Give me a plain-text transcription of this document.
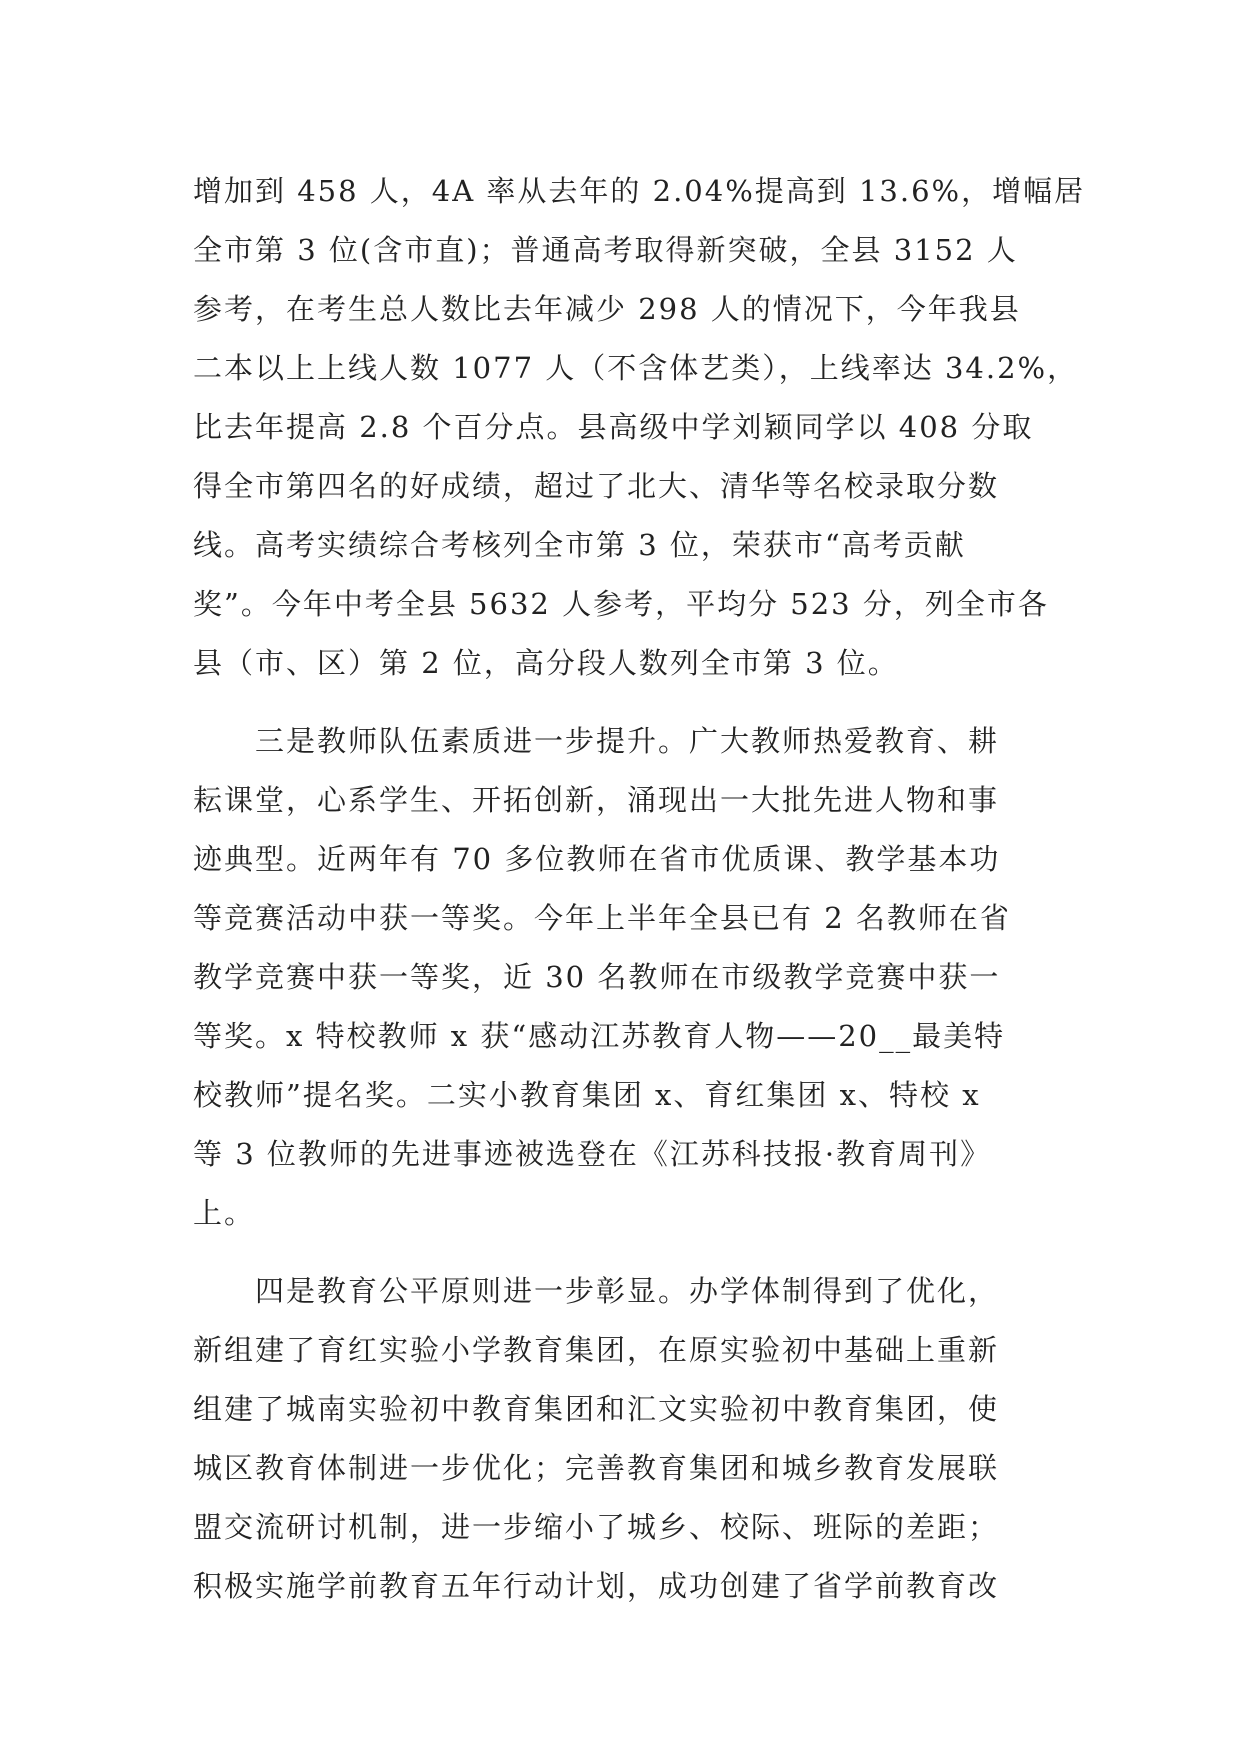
增加到 458 人，4A 率从去年的 2.04%提高到 13.6%，增幅居
全市第 3 位(含市直)；普通高考取得新突破，全县 3152 人
参考，在考生总人数比去年减少 298 人的情况下，今年我县
二本以上上线人数 1077 人（不含体艺类），上线率达 34.2%，
比去年提高 2.8 个百分点。县高级中学刘颖同学以 408 分取
得全市第四名的好成绩，超过了北大、清华等名校录取分数
线。高考实绩综合考核列全市第 3 位，荣获市“高考贡献
奖”。今年中考全县 5632 人参考，平均分 523 分，列全市各
县（市、区）第 2 位，高分段人数列全市第 3 位。
　　三是教师队伍素质进一步提升。广大教师热爱教育、耕
耘课堂，心系学生、开拓创新，涌现出一大批先进人物和事
迹典型。近两年有 70 多位教师在省市优质课、教学基本功
等竞赛活动中获一等奖。今年上半年全县已有 2 名教师在省
教学竞赛中获一等奖，近 30 名教师在市级教学竞赛中获一
等奖。x 特校教师 x 获“感动江苏教育人物——20__最美特
校教师”提名奖。二实小教育集团 x、育红集团 x、特校 x
等 3 位教师的先进事迹被选登在《江苏科技报·教育周刊》
上。
　　四是教育公平原则进一步彰显。办学体制得到了优化，
新组建了育红实验小学教育集团，在原实验初中基础上重新
组建了城南实验初中教育集团和汇文实验初中教育集团，使
城区教育体制进一步优化；完善教育集团和城乡教育发展联
盟交流研讨机制，进一步缩小了城乡、校际、班际的差距；
积极实施学前教育五年行动计划，成功创建了省学前教育改
